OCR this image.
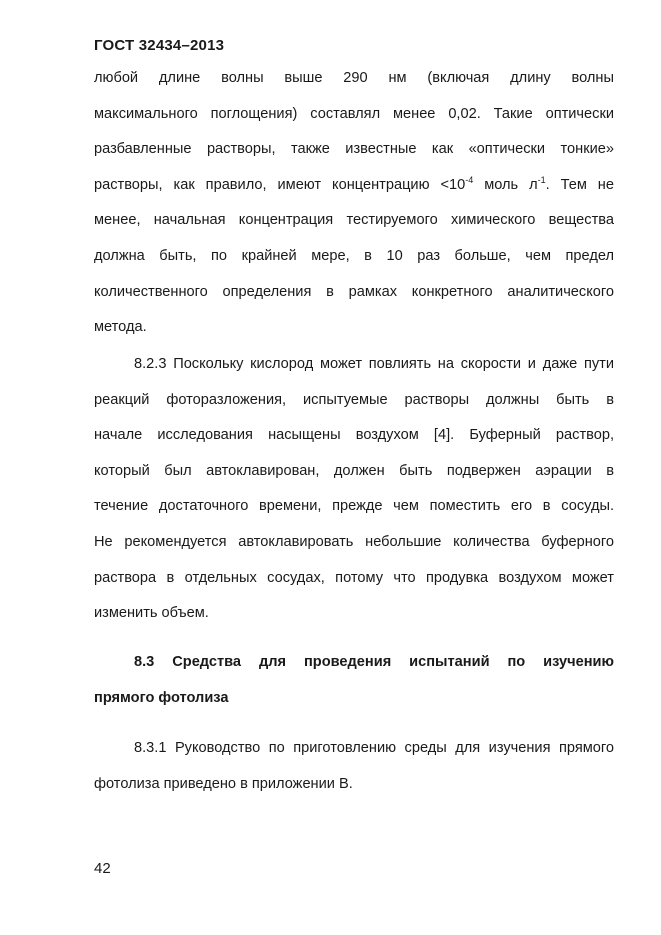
ГОСТ 32434–2013
любой длине волны выше 290 нм (включая длину волны
максимального поглощения) составлял менее 0,02. Такие оптически
разбавленные растворы, также известные как «оптически тонкие»
растворы, как правило, имеют концентрацию $<10^{-4}$ моль $л^{-1}$. Тем не
менее, начальная концентрация тестируемого химического вещества
должна быть, по крайней мере, в 10 раз больше, чем предел
количественного определения в рамках конкретного аналитического
метода.
8.2.3 Поскольку кислород может повлиять на скорости и даже пути
реакций фоторазложения, испытуемые растворы должны быть в
начале исследования насыщены воздухом [4]. Буферный раствор,
который был автоклавирован, должен быть подвержен аэрации в
течение достаточного времени, прежде чем поместить его в сосуды.
Не рекомендуется автоклавировать небольшие количества буферного
раствора в отдельных сосудах, потому что продувка воздухом может
изменить объем.
8.3 Средства для проведения испытаний по изучению
прямого фотолиза
8.3.1 Руководство по приготовлению среды для изучения прямого
фотолиза приведено в приложении В.
42
